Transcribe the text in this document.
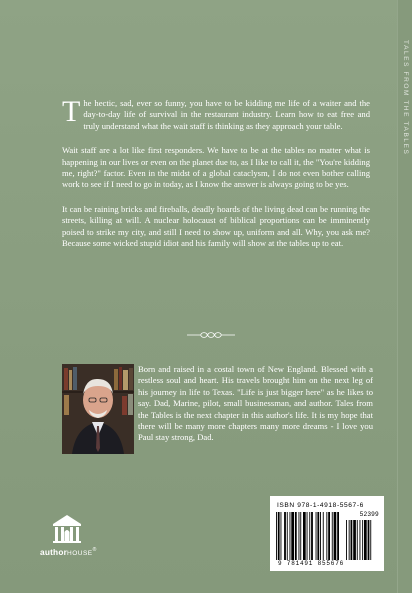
TALES FROM THE TABLES

The hectic, sad, ever so funny, you have to be kidding me life of a waiter and the day-to-day life of survival in the restaurant industry. Learn how to eat free and truly understand what the wait staff is thinking as they approach your table.

Wait staff are a lot like first responders. We have to be at the tables no matter what is happening in our lives or even on the planet due to, as I like to call it, the "You're kidding me, right?" factor. Even in the midst of a global cataclysm, I do not even bother calling work to see if I need to go in today, as I know the answer is always going to be yes.

It can be raining bricks and fireballs, deadly hoards of the living dead can be running the streets, killing at will. A nuclear holocaust of biblical proportions can be imminently poised to strike my city, and still I need to show up, uniform and all. Why, you ask me? Because some wicked stupid idiot and his family will show at the tables up to eat.

Born and raised in a costal town of New England. Blessed with a restless soul and heart. His travels brought him on the next leg of his journey in life to Texas. "Life is just bigger here" as he likes to say. Dad, Marine, pilot, small businessman, and author. Tales from the Tables is the next chapter in this author's life. It is my hope that there will be many more chapters many more dreams - I love you Paul stay strong, Dad.

authorHOUSE®
ISBN 978-1-4918-5567-6
52399
9 781491 855676
